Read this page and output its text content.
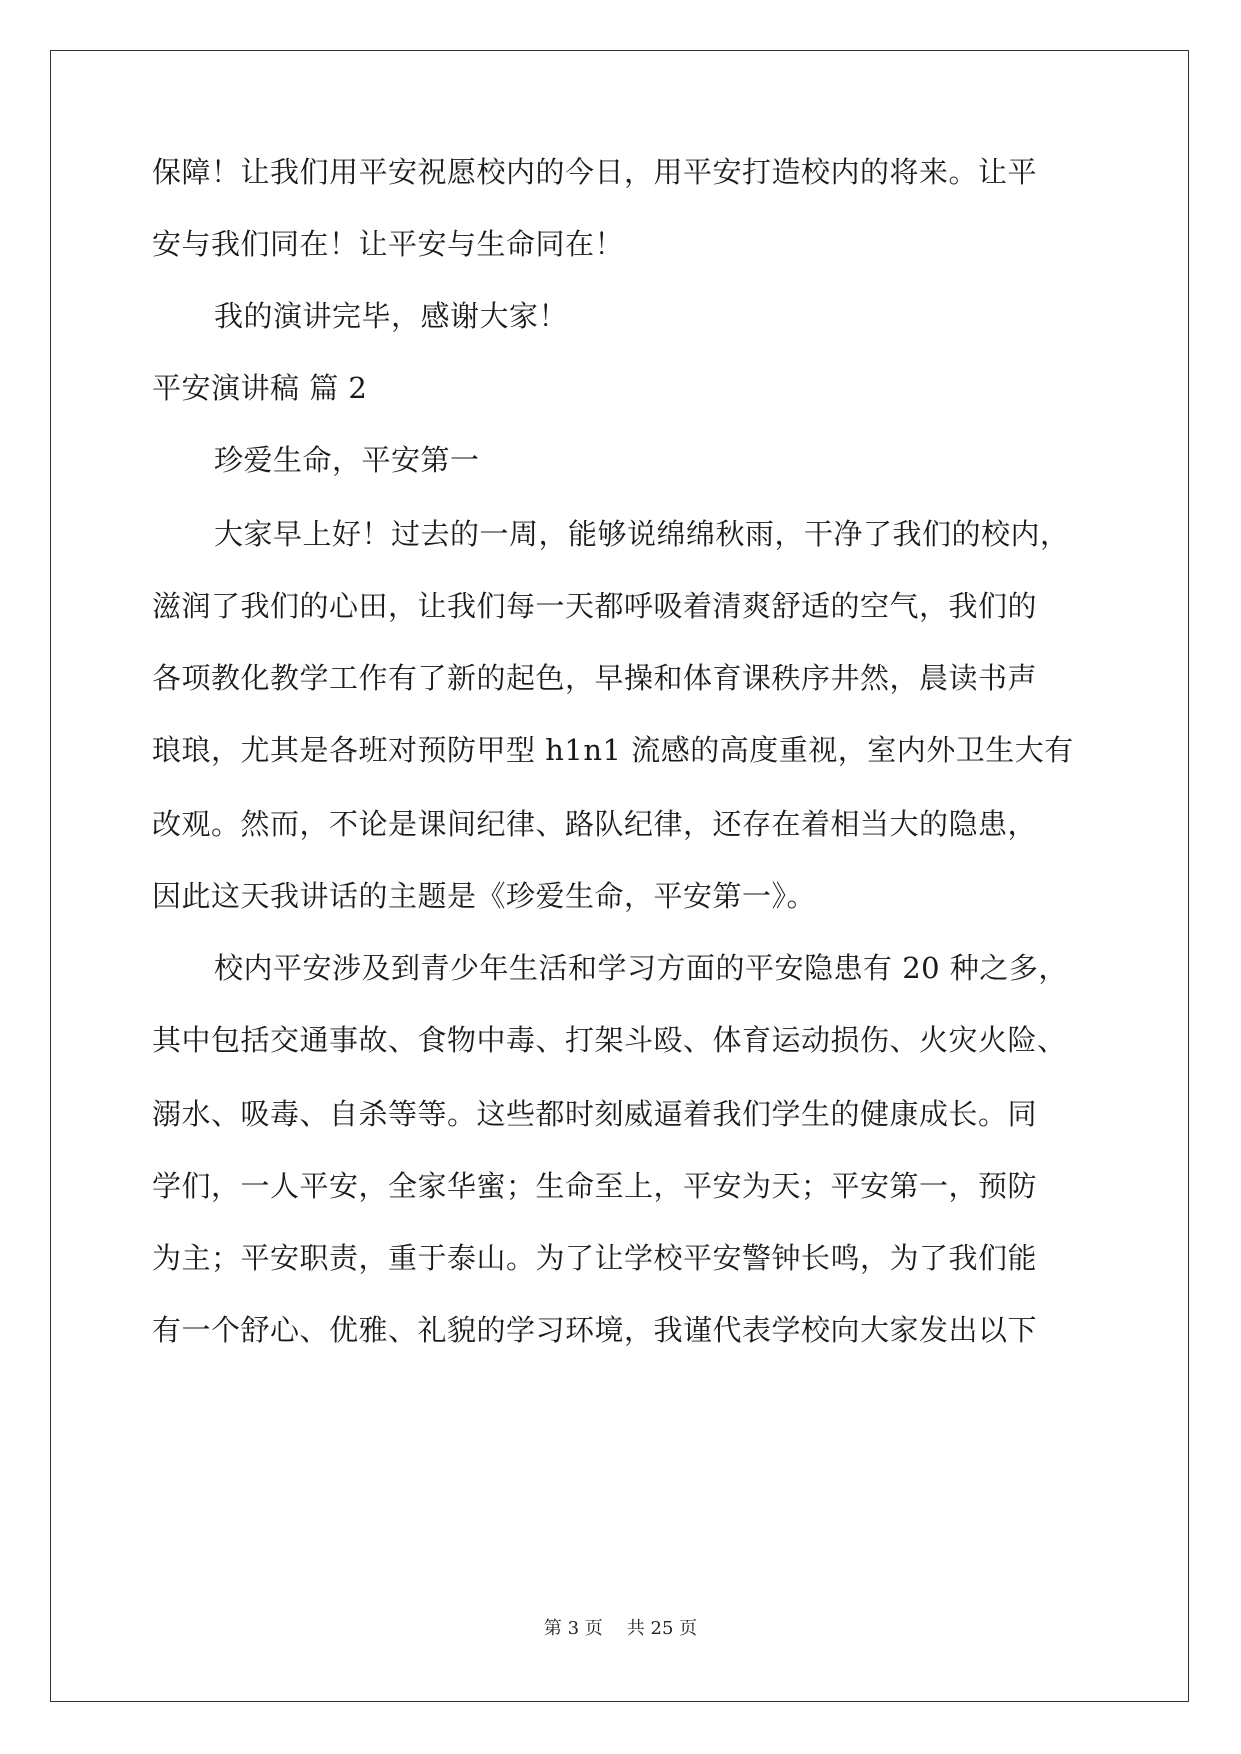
保障！让我们用平安祝愿校内的今日，用平安打造校内的将来。让平
安与我们同在！让平安与生命同在！
我的演讲完毕，感谢大家！
平安演讲稿 篇 2
珍爱生命，平安第一
大家早上好！过去的一周，能够说绵绵秋雨，干净了我们的校内，
滋润了我们的心田，让我们每一天都呼吸着清爽舒适的空气，我们的
各项教化教学工作有了新的起色，早操和体育课秩序井然，晨读书声
琅琅，尤其是各班对预防甲型 h1n1 流感的高度重视，室内外卫生大有
改观。然而，不论是课间纪律、路队纪律，还存在着相当大的隐患，
因此这天我讲话的主题是《珍爱生命，平安第一》。
校内平安涉及到青少年生活和学习方面的平安隐患有 20 种之多，
其中包括交通事故、食物中毒、打架斗殴、体育运动损伤、火灾火险、
溺水、吸毒、自杀等等。这些都时刻威逼着我们学生的健康成长。同
学们，一人平安，全家华蜜；生命至上，平安为天；平安第一，预防
为主；平安职责，重于泰山。为了让学校平安警钟长鸣，为了我们能
有一个舒心、优雅、礼貌的学习环境，我谨代表学校向大家发出以下
第 3 页 共 25 页
